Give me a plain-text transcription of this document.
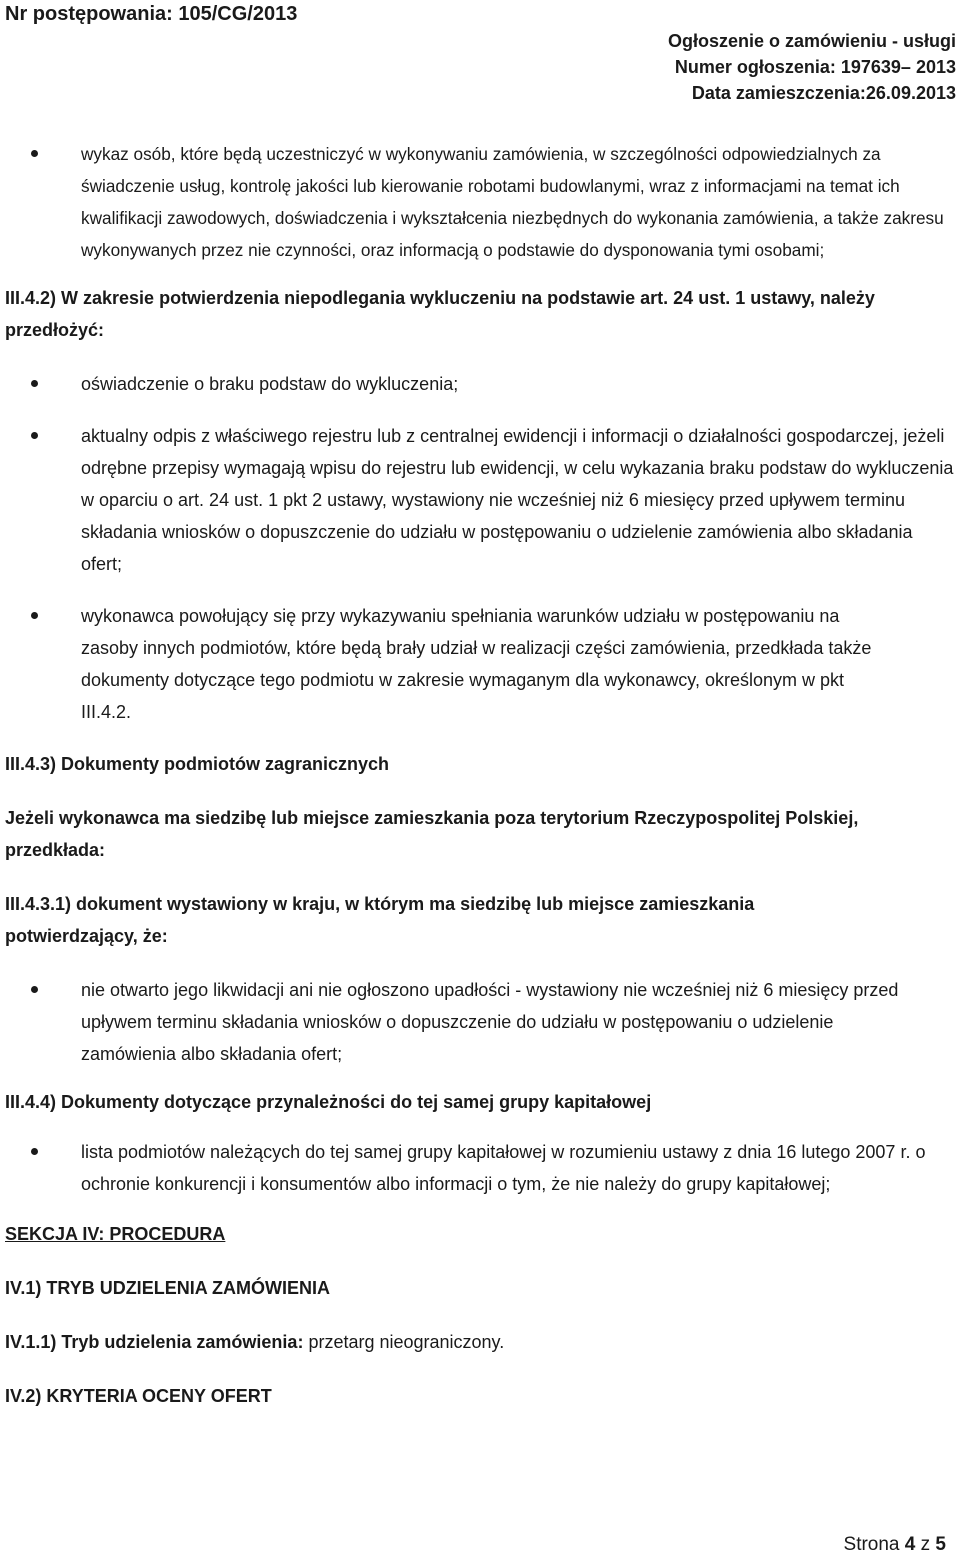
Nr postępowania: 105/CG/2013
Ogłoszenie o zamówieniu - usługi
Numer ogłoszenia: 197639– 2013
Data zamieszczenia:26.09.2013
wykaz osób, które będą uczestniczyć w wykonywaniu zamówienia, w szczególności odpowiedzialnych za świadczenie usług, kontrolę jakości lub kierowanie robotami budowlanymi, wraz z informacjami na temat ich kwalifikacji zawodowych, doświadczenia i wykształcenia niezbędnych do wykonania zamówienia, a także zakresu wykonywanych przez nie czynności, oraz informacją o podstawie do dysponowania tymi osobami;

III.4.2) W zakresie potwierdzenia niepodlegania wykluczeniu na podstawie art. 24 ust. 1 ustawy, należy przedłożyć:

oświadczenie o braku podstaw do wykluczenia;
aktualny odpis z właściwego rejestru lub z centralnej ewidencji i informacji o działalności gospodarczej, jeżeli odrębne przepisy wymagają wpisu do rejestru lub ewidencji, w celu wykazania braku podstaw do wykluczenia w oparciu o art. 24 ust. 1 pkt 2 ustawy, wystawiony nie wcześniej niż 6 miesięcy przed upływem terminu składania wniosków o dopuszczenie do udziału w postępowaniu o udzielenie zamówienia albo składania ofert;
wykonawca powołujący się przy wykazywaniu spełniania warunków udziału w postępowaniu na zasoby innych podmiotów, które będą brały udział w realizacji części zamówienia, przedkłada także dokumenty dotyczące tego podmiotu w zakresie wymaganym dla wykonawcy, określonym w pkt III.4.2.

III.4.3) Dokumenty podmiotów zagranicznych

Jeżeli wykonawca ma siedzibę lub miejsce zamieszkania poza terytorium Rzeczypospolitej Polskiej, przedkłada:

III.4.3.1) dokument wystawiony w kraju, w którym ma siedzibę lub miejsce zamieszkania potwierdzający, że:

nie otwarto jego likwidacji ani nie ogłoszono upadłości - wystawiony nie wcześniej niż 6 miesięcy przed upływem terminu składania wniosków o dopuszczenie do udziału w postępowaniu o udzielenie zamówienia albo składania ofert;

III.4.4) Dokumenty dotyczące przynależności do tej samej grupy kapitałowej

lista podmiotów należących do tej samej grupy kapitałowej w rozumieniu ustawy z dnia 16 lutego 2007 r. o ochronie konkurencji i konsumentów albo informacji o tym, że nie należy do grupy kapitałowej;

SEKCJA IV: PROCEDURA

IV.1) TRYB UDZIELENIA ZAMÓWIENIA

IV.1.1) Tryb udzielenia zamówienia: przetarg nieograniczony.

IV.2) KRYTERIA OCENY OFERT

Strona 4 z 5
